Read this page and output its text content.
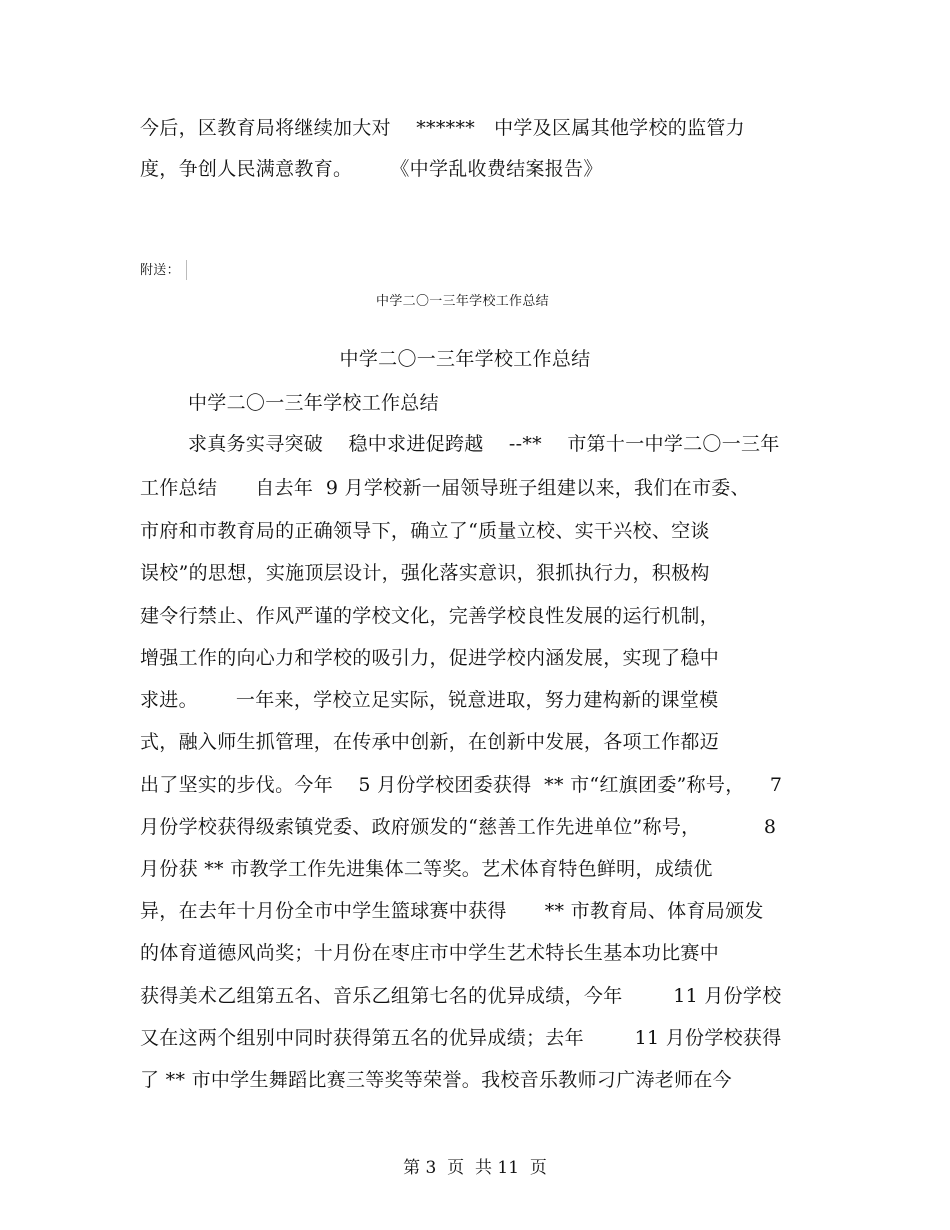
今后，区教育局将继续加大对    ******   中学及区属其他学校的监管力
度，争创人民满意教育。      《中学乱收费结案报告》
附送：
中学二〇一三年学校工作总结
中学二〇一三年学校工作总结
中学二〇一三年学校工作总结
求真务实寻突破    稳中求进促跨越    --**    市第十一中学二〇一三年
工作总结      自去年  9 月学校新一届领导班子组建以来，我们在市委、
市府和市教育局的正确领导下，确立了“质量立校、实干兴校、空谈
误校”的思想，实施顶层设计，强化落实意识，狠抓执行力，积极构
建令行禁止、作风严谨的学校文化，完善学校良性发展的运行机制，
增强工作的向心力和学校的吸引力，促进学校内涵发展，实现了稳中
求进。      一年来，学校立足实际，锐意进取，努力建构新的课堂模
式，融入师生抓管理，在传承中创新，在创新中发展，各项工作都迈
出了坚实的步伐。今年    5 月份学校团委获得  ** 市“红旗团委”称号，    7
月份学校获得级索镇党委、政府颁发的“慈善工作先进单位”称号，          8
月份获 ** 市教学工作先进集体二等奖。艺术体育特色鲜明，成绩优
异，在去年十月份全市中学生篮球赛中获得      ** 市教育局、体育局颁发
的体育道德风尚奖；十月份在枣庄市中学生艺术特长生基本功比赛中
获得美术乙组第五名、音乐乙组第七名的优异成绩，今年        11 月份学校
又在这两个组别中同时获得第五名的优异成绩；去年        11 月份学校获得
了 ** 市中学生舞蹈比赛三等奖等荣誉。我校音乐教师刁广涛老师在今
第 3  页  共 11  页
